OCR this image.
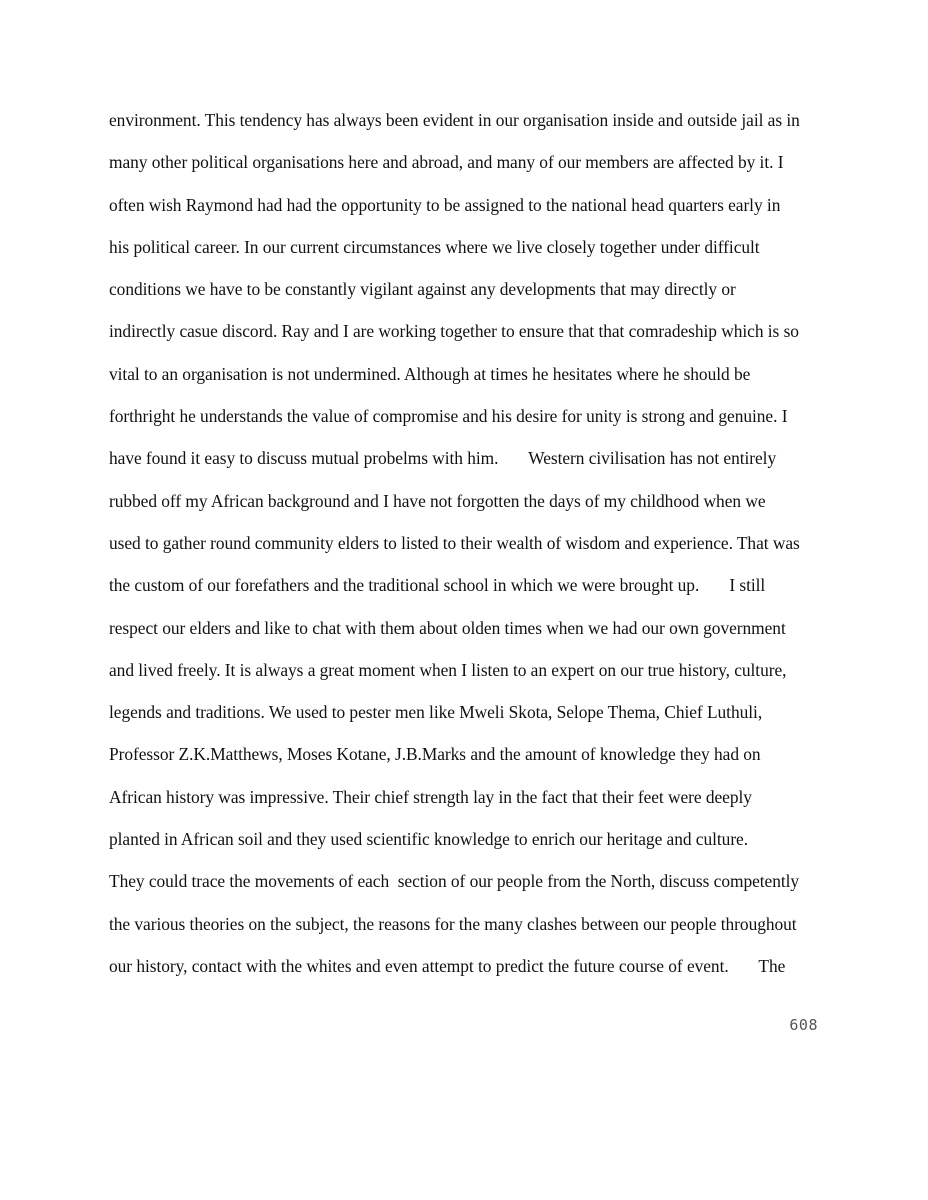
environment. This tendency has always been evident in our organisation inside and outside jail as in
many other political organisations here and abroad, and many of our members are affected by it. I
often wish Raymond had had the opportunity to be assigned to the national head quarters early in
his political career. In our current circumstances where we live closely together under difficult
conditions we have to be constantly vigilant against any developments that may directly or
indirectly casue discord. Ray and I are working together to ensure that that comradeship which is so
vital to an organisation is not undermined. Although at times he hesitates where he should be
forthright he understands the value of compromise and his desire for unity is strong and genuine. I
have found it easy to discuss mutual probelms with him.       Western civilisation has not entirely
rubbed off my African background and I have not forgotten the days of my childhood when we
used to gather round community elders to listed to their wealth of wisdom and experience. That was
the custom of our forefathers and the traditional school in which we were brought up.       I still
respect our elders and like to chat with them about olden times when we had our own government
and lived freely. It is always a great moment when I listen to an expert on our true history, culture,
legends and traditions. We used to pester men like Mweli Skota, Selope Thema, Chief Luthuli,
Professor Z.K.Matthews, Moses Kotane, J.B.Marks and the amount of knowledge they had on
African history was impressive. Their chief strength lay in the fact that their feet were deeply
planted in African soil and they used scientific knowledge to enrich our heritage and culture.
They could trace the movements of each  section of our people from the North, discuss competently
the various theories on the subject, the reasons for the many clashes between our people throughout
our history, contact with the whites and even attempt to predict the future course of event.       The
608
